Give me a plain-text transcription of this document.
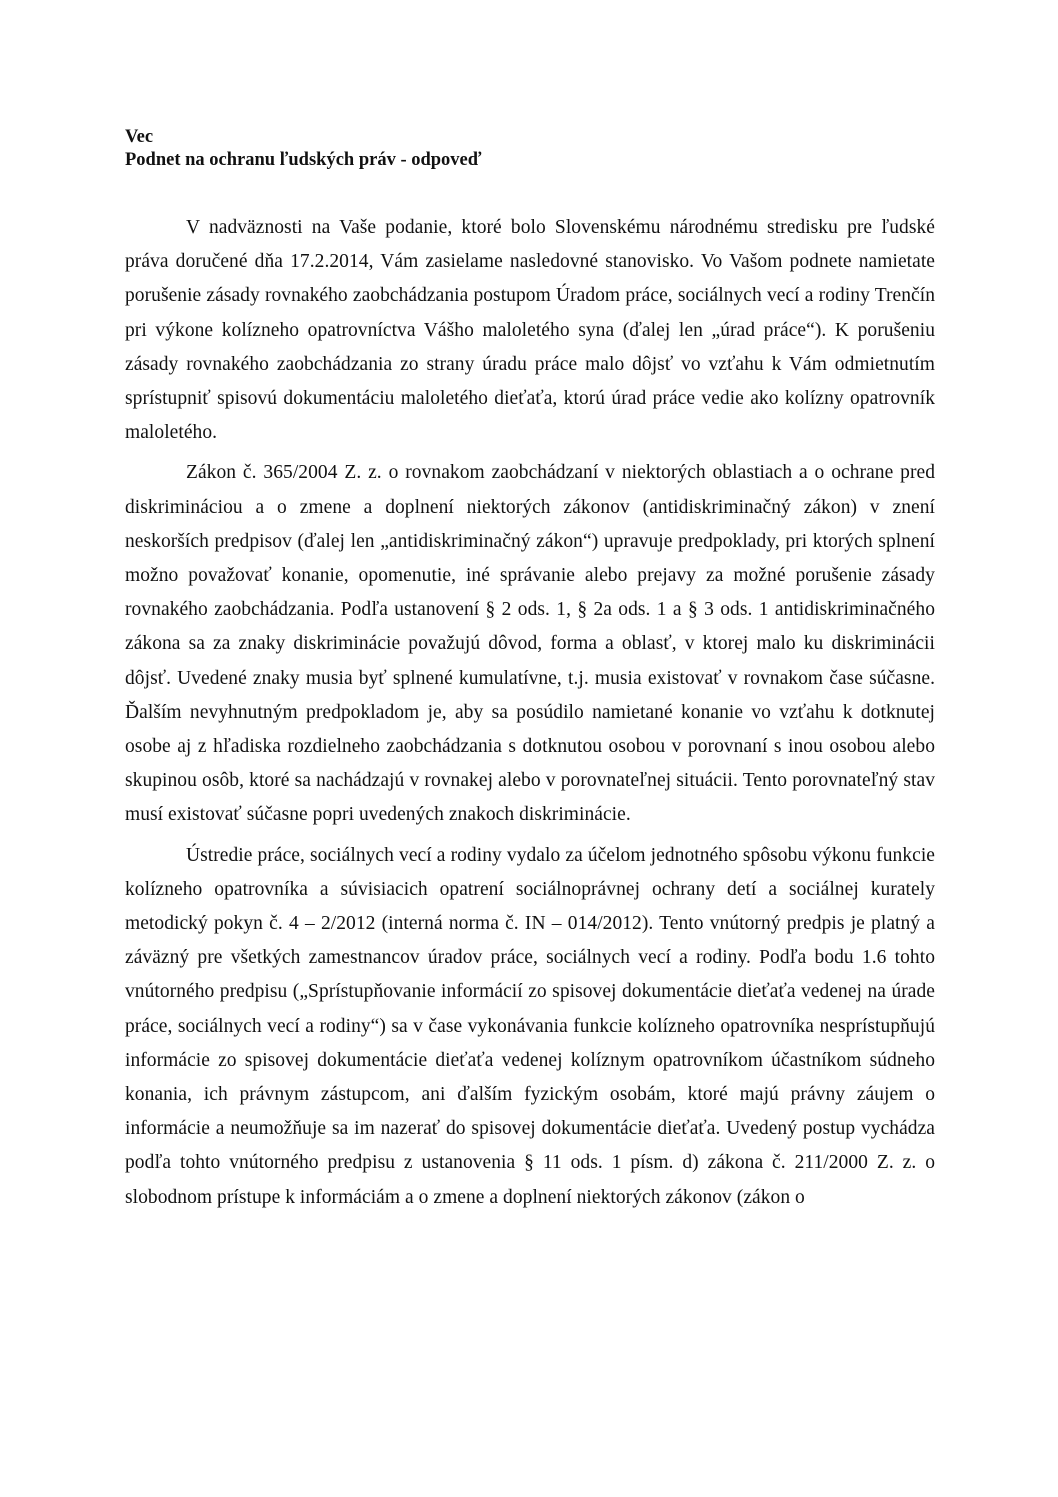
Vec

Podnet na ochranu ľudských práv - odpoveď

V nadväznosti na Vaše podanie, ktoré bolo Slovenskému národnému stredisku pre ľudské práva doručené dňa 17.2.2014, Vám zasielame nasledovné stanovisko. Vo Vašom podnete namietate porušenie zásady rovnakého zaobchádzania postupom Úradom práce, sociálnych vecí a rodiny Trenčín pri výkone kolízneho opatrovníctva Vášho maloletého syna (ďalej len „úrad práce“). K porušeniu zásady rovnakého zaobchádzania zo strany úradu práce malo dôjsť vo vzťahu k Vám odmietnutím sprístupniť spisovú dokumentáciu maloletého dieťaťa, ktorú úrad práce vedie ako kolízny opatrovník maloletého.

Zákon č. 365/2004 Z. z. o rovnakom zaobchádzaní v niektorých oblastiach a o ochrane pred diskrimináciou a o zmene a doplnení niektorých zákonov (antidiskriminačný zákon) v znení neskorších predpisov (ďalej len „antidiskriminačný zákon“) upravuje predpoklady, pri ktorých splnení možno považovať konanie, opomenutie, iné správanie alebo prejavy za možné porušenie zásady rovnakého zaobchádzania. Podľa ustanovení § 2 ods. 1, § 2a ods. 1 a § 3 ods. 1 antidiskriminačného zákona sa za znaky diskriminácie považujú dôvod, forma a oblasť, v ktorej malo ku diskriminácii dôjsť. Uvedené znaky musia byť splnené kumulatívne, t.j. musia existovať v rovnakom čase súčasne. Ďalším nevyhnutným predpokladom je, aby sa posúdilo namietané konanie vo vzťahu k dotknutej osobe aj z hľadiska rozdielneho zaobchádzania s dotknutou osobou v porovnaní s inou osobou alebo skupinou osôb, ktoré sa nachádzajú v rovnakej alebo v porovnateľnej situácii. Tento porovnateľný stav musí existovať súčasne popri uvedených znakoch diskriminácie.

Ústredie práce, sociálnych vecí a rodiny vydalo za účelom jednotného spôsobu výkonu funkcie kolízneho opatrovníka a súvisiacich opatrení sociálnoprávnej ochrany detí a sociálnej kurately metodický pokyn č. 4 – 2/2012 (interná norma č. IN – 014/2012). Tento vnútorný predpis je platný a záväzný pre všetkých zamestnancov úradov práce, sociálnych vecí a rodiny. Podľa bodu 1.6 tohto vnútorného predpisu („Sprístupňovanie informácií zo spisovej dokumentácie dieťaťa vedenej na úrade práce, sociálnych vecí a rodiny“) sa v čase vykonávania funkcie kolízneho opatrovníka nesprístupňujú informácie zo spisovej dokumentácie dieťaťa vedenej kolíznym opatrovníkom účastníkom súdneho konania, ich právnym zástupcom, ani ďalším fyzickým osobám, ktoré majú právny záujem o informácie a neumožňuje sa im nazerať do spisovej dokumentácie dieťaťa. Uvedený postup vychádza podľa tohto vnútorného predpisu z ustanovenia § 11 ods. 1 písm. d) zákona č. 211/2000 Z. z. o slobodnom prístupe k informáciám a o zmene a doplnení niektorých zákonov (zákon o
